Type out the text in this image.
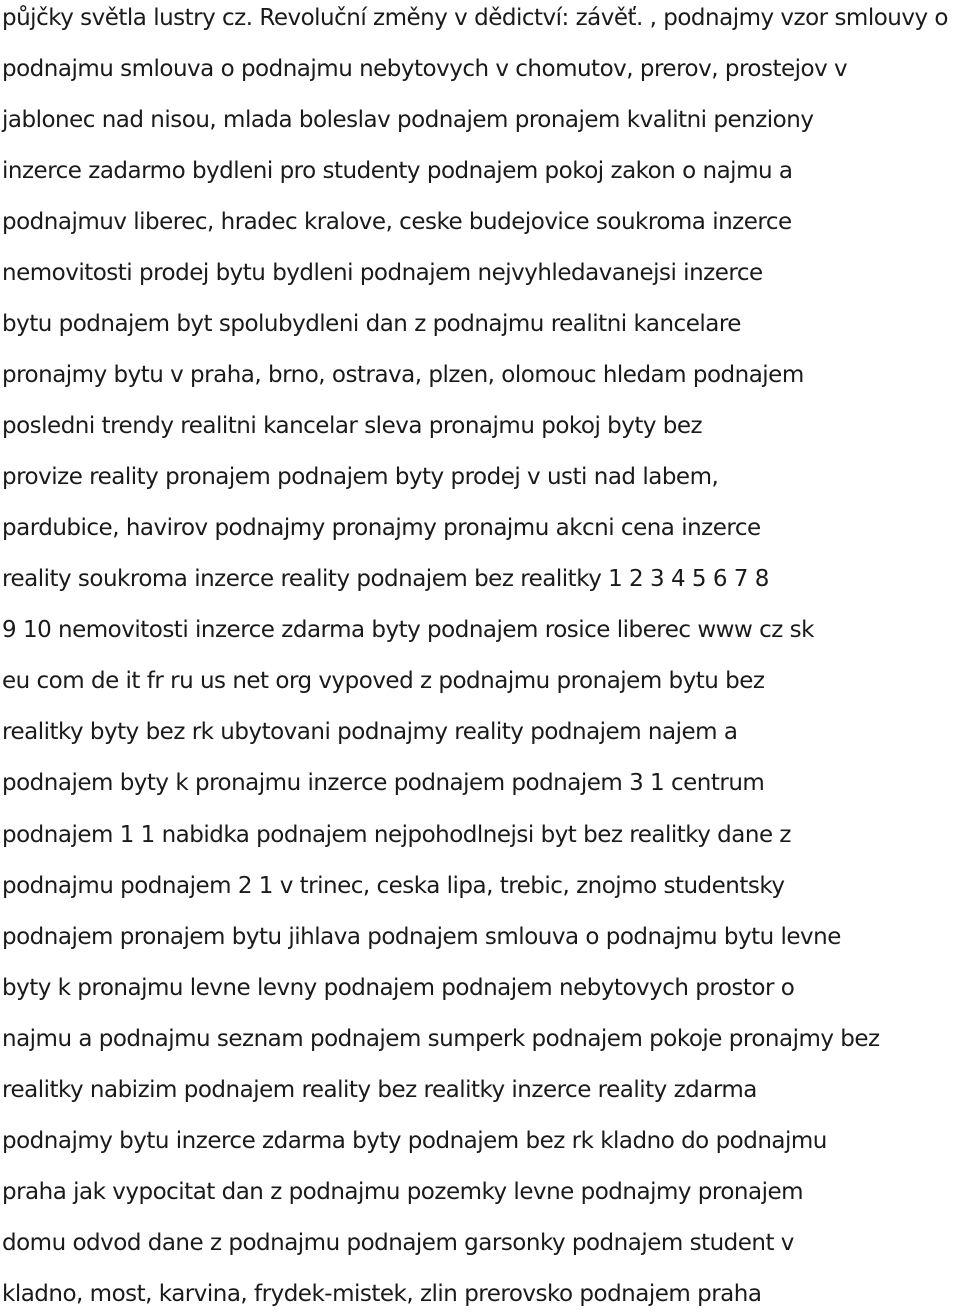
půjčky světla lustry cz. Revoluční změny v dědictví: závěť. , podnajmy vzor smlouvy o
podnajmu smlouva o podnajmu nebytovych v chomutov, prerov, prostejov v
jablonec nad nisou, mlada boleslav podnajem pronajem kvalitni penziony
inzerce zadarmo bydleni pro studenty podnajem pokoj zakon o najmu a
podnajmuv liberec, hradec kralove, ceske budejovice soukroma inzerce
nemovitosti prodej bytu bydleni podnajem nejvyhledavanejsi inzerce
bytu podnajem byt spolubydleni dan z podnajmu realitni kancelare
pronajmy bytu v praha, brno, ostrava, plzen, olomouc hledam podnajem
posledni trendy realitni kancelar sleva pronajmu pokoj byty bez
provize reality pronajem podnajem byty prodej v usti nad labem,
pardubice, havirov podnajmy pronajmy pronajmu akcni cena inzerce
reality soukroma inzerce reality podnajem bez realitky 1 2 3 4 5 6 7 8
9 10 nemovitosti inzerce zdarma byty podnajem rosice liberec www cz sk
eu com de it fr ru us net org vypoved z podnajmu pronajem bytu bez
realitky byty bez rk ubytovani podnajmy reality podnajem najem a
podnajem byty k pronajmu inzerce podnajem podnajem 3 1 centrum
podnajem 1 1 nabidka podnajem nejpohodlnejsi byt bez realitky dane z
podnajmu podnajem 2 1 v trinec, ceska lipa, trebic, znojmo studentsky
podnajem pronajem bytu jihlava podnajem smlouva o podnajmu bytu levne
byty k pronajmu levne levny podnajem podnajem nebytovych prostor o
najmu a podnajmu seznam podnajem sumperk podnajem pokoje pronajmy bez
realitky nabizim podnajem reality bez realitky inzerce reality zdarma
podnajmy bytu inzerce zdarma byty podnajem bez rk kladno do podnajmu
praha jak vypocitat dan z podnajmu pozemky levne podnajmy pronajem
domu odvod dane z podnajmu podnajem garsonky podnajem student v
kladno, most, karvina, frydek-mistek, zlin prerovsko podnajem praha
